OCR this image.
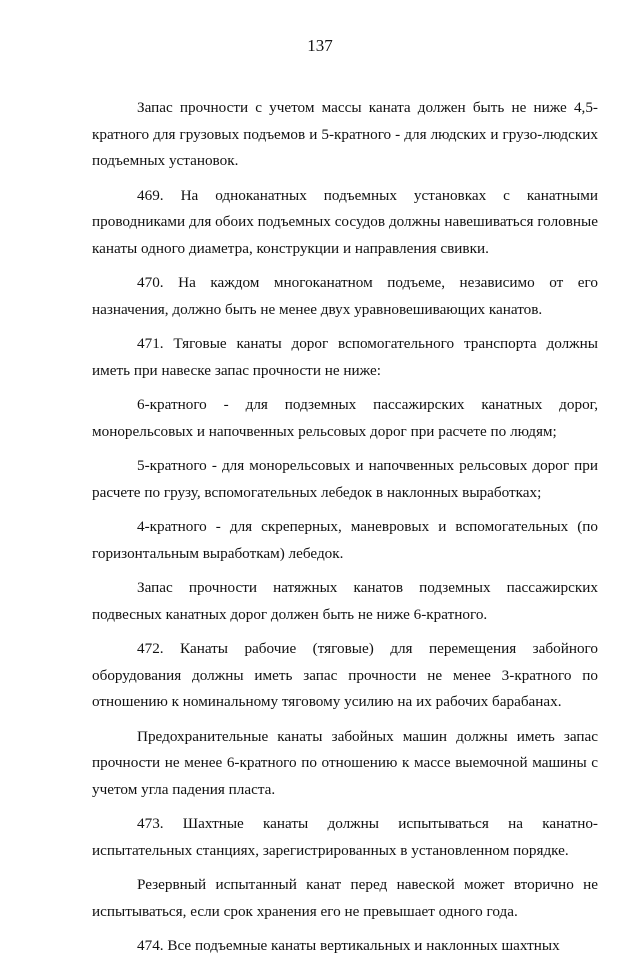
137

Запас прочности с учетом массы каната должен быть не ниже 4,5-кратного для грузовых подъемов и 5-кратного - для людских и грузо-людских подъемных установок.

469. На одноканатных подъемных установках с канатными проводниками для обоих подъемных сосудов должны навешиваться головные канаты одного диаметра, конструкции и направления свивки.

470. На каждом многоканатном подъеме, независимо от его назначения, должно быть не менее двух уравновешивающих канатов.

471. Тяговые канаты дорог вспомогательного транспорта должны иметь при навеске запас прочности не ниже:

6-кратного - для подземных пассажирских канатных дорог, монорельсовых и напочвенных рельсовых дорог при расчете по людям;

5-кратного - для монорельсовых и напочвенных рельсовых дорог при расчете по грузу, вспомогательных лебедок в наклонных выработках;

4-кратного - для скреперных, маневровых и вспомогательных (по горизонтальным выработкам) лебедок.

Запас прочности натяжных канатов подземных пассажирских подвесных канатных дорог должен быть не ниже 6-кратного.

472. Канаты рабочие (тяговые) для перемещения забойного оборудования должны иметь запас прочности не менее 3-кратного по отношению к номинальному тяговому усилию на их рабочих барабанах.

Предохранительные канаты забойных машин должны иметь запас прочности не менее 6-кратного по отношению к массе выемочной машины с учетом угла падения пласта.

473. Шахтные канаты должны испытываться на канатно-испытательных станциях, зарегистрированных в установленном порядке.

Резервный испытанный канат перед навеской может вторично не испытываться, если срок хранения его не превышает одного года.

474. Все подъемные канаты вертикальных и наклонных шахтных
